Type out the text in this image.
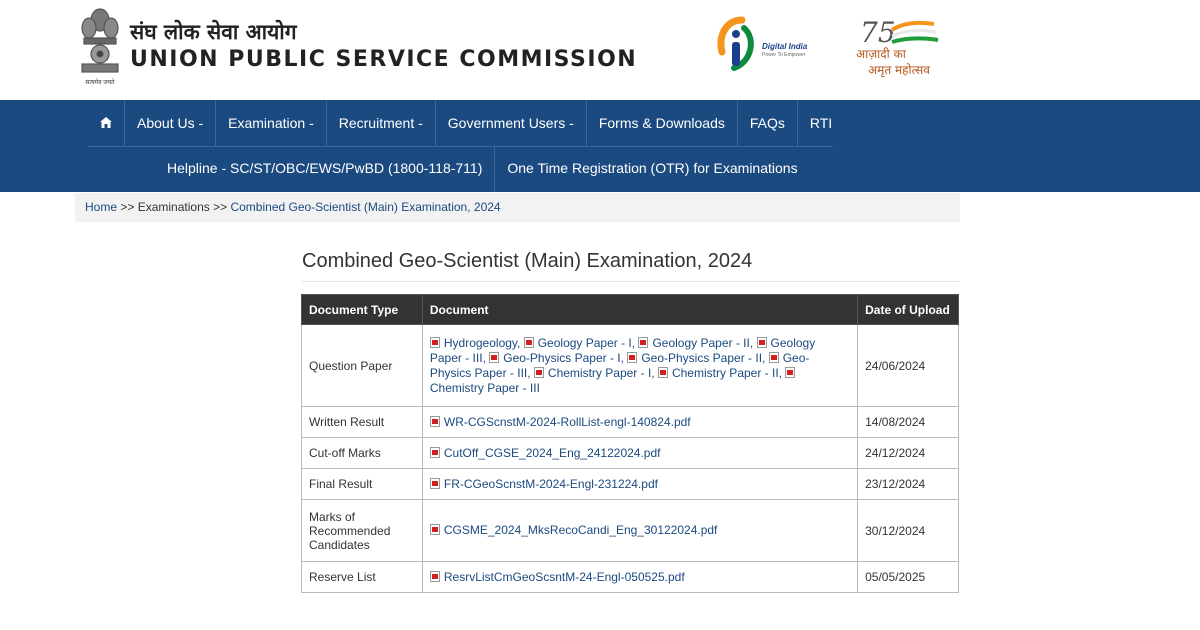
सत्यमेव जयते
संघ लोक सेवा आयोग
UNION PUBLIC SERVICE COMMISSION
Digital India
Power To Empower
75
आज़ादी का
अमृत महोत्सव
About Us -	Examination -	Recruitment -	Government Users -	Forms & Downloads	FAQs	RTI
Helpline - SC/ST/OBC/EWS/PwBD (1800-118-711)	One Time Registration (OTR) for Examinations
Home >> Examinations >> Combined Geo-Scientist (Main) Examination, 2024
Combined Geo-Scientist (Main) Examination, 2024
Document Type	Document	Date of Upload
Question Paper	Hydrogeology, Geology Paper - I, Geology Paper - II, Geology Paper - III, Geo-Physics Paper - I, Geo-Physics Paper - II, Geo-Physics Paper - III, Chemistry Paper - I, Chemistry Paper - II, Chemistry Paper - III	24/06/2024
Written Result	WR-CGScnstM-2024-RollList-engl-140824.pdf	14/08/2024
Cut-off Marks	CutOff_CGSE_2024_Eng_24122024.pdf	24/12/2024
Final Result	FR-CGeoScnstM-2024-Engl-231224.pdf	23/12/2024
Marks of Recommended Candidates	CGSME_2024_MksRecoCandi_Eng_30122024.pdf	30/12/2024
Reserve List	ResrvListCmGeoScsntM-24-Engl-050525.pdf	05/05/2025
